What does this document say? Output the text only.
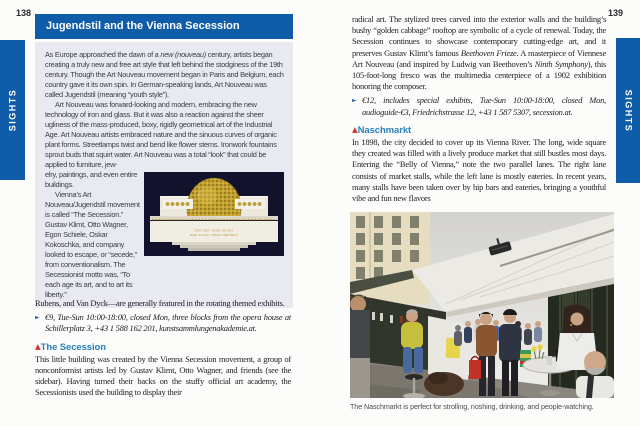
138	139
SIGHTS	SIGHTS
Jugendstil and the Vienna Secession

As Europe approached the dawn of a new (nouveau) century, artists began creating a truly new and free art style that left behind the stodginess of the 19th century. Though the Art Nouveau movement began in Paris and Belgium, each country gave it its own spin. In German-speaking lands, Art Nouveau was called Jugendstil (meaning “youth style”).

Art Nouveau was forward-looking and modern, embracing the new technology of iron and glass. But it was also a reaction against the sheer ugliness of the mass-produced, boxy, rigidly geometrical art of the Industrial Age. Art Nouveau artists embraced nature and the sinuous curves of organic plant forms. Streetlamps twist and bend like flower stems. Ironwork fountains sprout buds that squirt water. Art Nouveau was a total “look” that could be applied to furniture, jew-

elry, paintings, and even entire buildings.

Vienna’s Art Nouveau/Jugendstil movement is called “The Secession.” Gustav Klimt, Otto Wagner, Egon Schiele, Oskar Kokoschka, and company looked to escape, or “secede,” from conventionalism. The Secessionist motto was, “To each age its art, and to art its liberty.”

DER ZEIT IHRE KUNST
DER KUNST IHRE FREIHEIT

Rubens, and Van Dyck—are generally featured in the rotating themed exhibits.

► €9, Tue-Sun 10:00-18:00, closed Mon, three blocks from the opera house at Schillerplatz 3, +43 1 588 162 201, kunstsammlungenakademie.at.
▲The Secession

This little building was created by the Vienna Secession movement, a group of nonconformist artists led by Gustav Klimt, Otto Wagner, and friends (see the sidebar). Having turned their backs on the stuffy official art academy, the Secessionists used the building to display their

radical art. The stylized trees carved into the exterior walls and the building’s bushy “golden cabbage” rooftop are symbolic of a cycle of renewal. Today, the Secession continues to showcase contemporary cutting-edge art, and it preserves Gustav Klimt’s famous Beethoven Frieze. A masterpiece of Viennese Art Nouveau (and inspired by Ludwig van Beethoven’s Ninth Symphony), this 105-foot-long fresco was the multimedia centerpiece of a 1902 exhibition honoring the composer.

► €12, includes special exhibits, Tue-Sun 10:00-18:00, closed Mon, audioguide-€3, Friedrichstrasse 12, +43 1 587 5307, secession.at.
▲Naschmarkt

In 1898, the city decided to cover up its Vienna River. The long, wide square they created was filled with a lively produce market that still bustles most days. Entering the “Belly of Vienna,” note the two parallel lanes. The right lane consists of market stalls, while the left lane is mostly eateries. In recent years, many stalls have been taken over by hip bars and eateries, bringing a youthful vibe and fun new flavors

The Naschmarkt is perfect for strolling, noshing, drinking, and people-watching.
